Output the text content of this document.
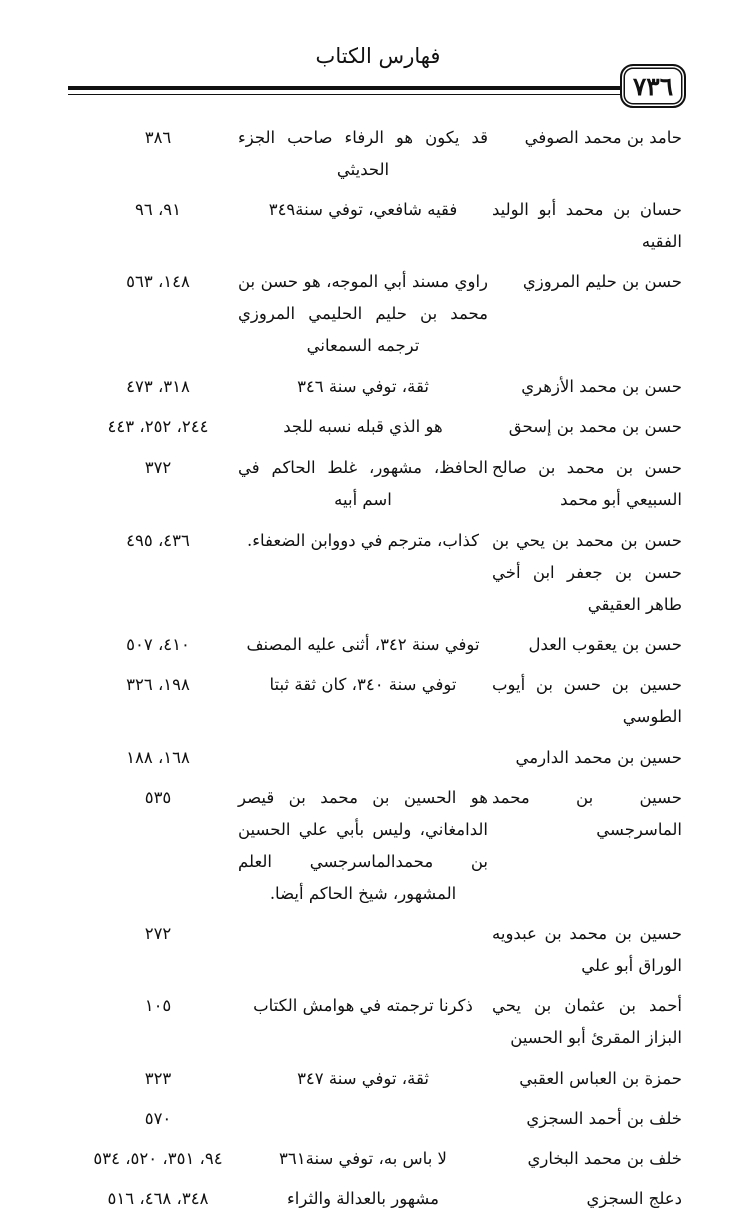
فهارس الكتاب
٧٣٦
حامد بن محمد الصوفي
قد يكون هو الرفاء صاحب الجزء الحديثي
٣٨٦
حسان بن محمد أبو الوليد الفقيه
فقيه شافعي، توفي سنة٣٤٩
٩١، ٩٦
حسن بن حليم المروزي
راوي مسند أبي الموجه، هو حسن بن محمد بن حليم الحليمي المروزي ترجمه السمعاني
١٤٨، ٥٦٣
حسن بن محمد الأزهري
ثقة، توفي سنة ٣٤٦
٣١٨، ٤٧٣
حسن بن محمد بن إسحق
هو الذي قبله نسبه للجد
٢٤٤، ٢٥٢، ٤٤٣
حسن بن محمد بن صالح السبيعي أبو محمد
الحافظ، مشهور، غلط الحاكم في اسم أبيه
٣٧٢
حسن بن محمد بن يحي بن حسن بن جعفر ابن أخي طاهر العقيقي
كذاب، مترجم في دووابن الضعفاء.
٤٣٦، ٤٩٥
حسن بن يعقوب العدل
توفي سنة ٣٤٢، أثنى عليه المصنف
٤١٠، ٥٠٧
حسين بن حسن بن أيوب الطوسي
توفي سنة ٣٤٠، كان ثقة ثبتا
١٩٨، ٣٢٦
حسين بن محمد الدارمي
١٦٨، ١٨٨
حسين بن محمد الماسرجسي
هو الحسين بن محمد بن قيصر الدامغاني، وليس بأبي علي الحسين بن محمدالماسرجسي العلم المشهور، شيخ الحاكم أيضا.
٥٣٥
حسين بن محمد بن عبدويه الوراق أبو علي
٢٧٢
أحمد بن عثمان بن يحي البزاز المقرئ أبو الحسين
ذكرنا ترجمته في هوامش الكتاب
١٠٥
حمزة بن العباس العقبي
ثقة، توفي سنة ٣٤٧
٣٢٣
خلف بن أحمد السجزي
٥٧٠
خلف بن محمد البخاري
لا باس به، توفي سنة٣٦١
٩٤، ٣٥١، ٥٢٠، ٥٣٤
دعلج السجزي
مشهور بالعدالة والثراء
٣٤٨، ٤٦٨، ٥١٦
